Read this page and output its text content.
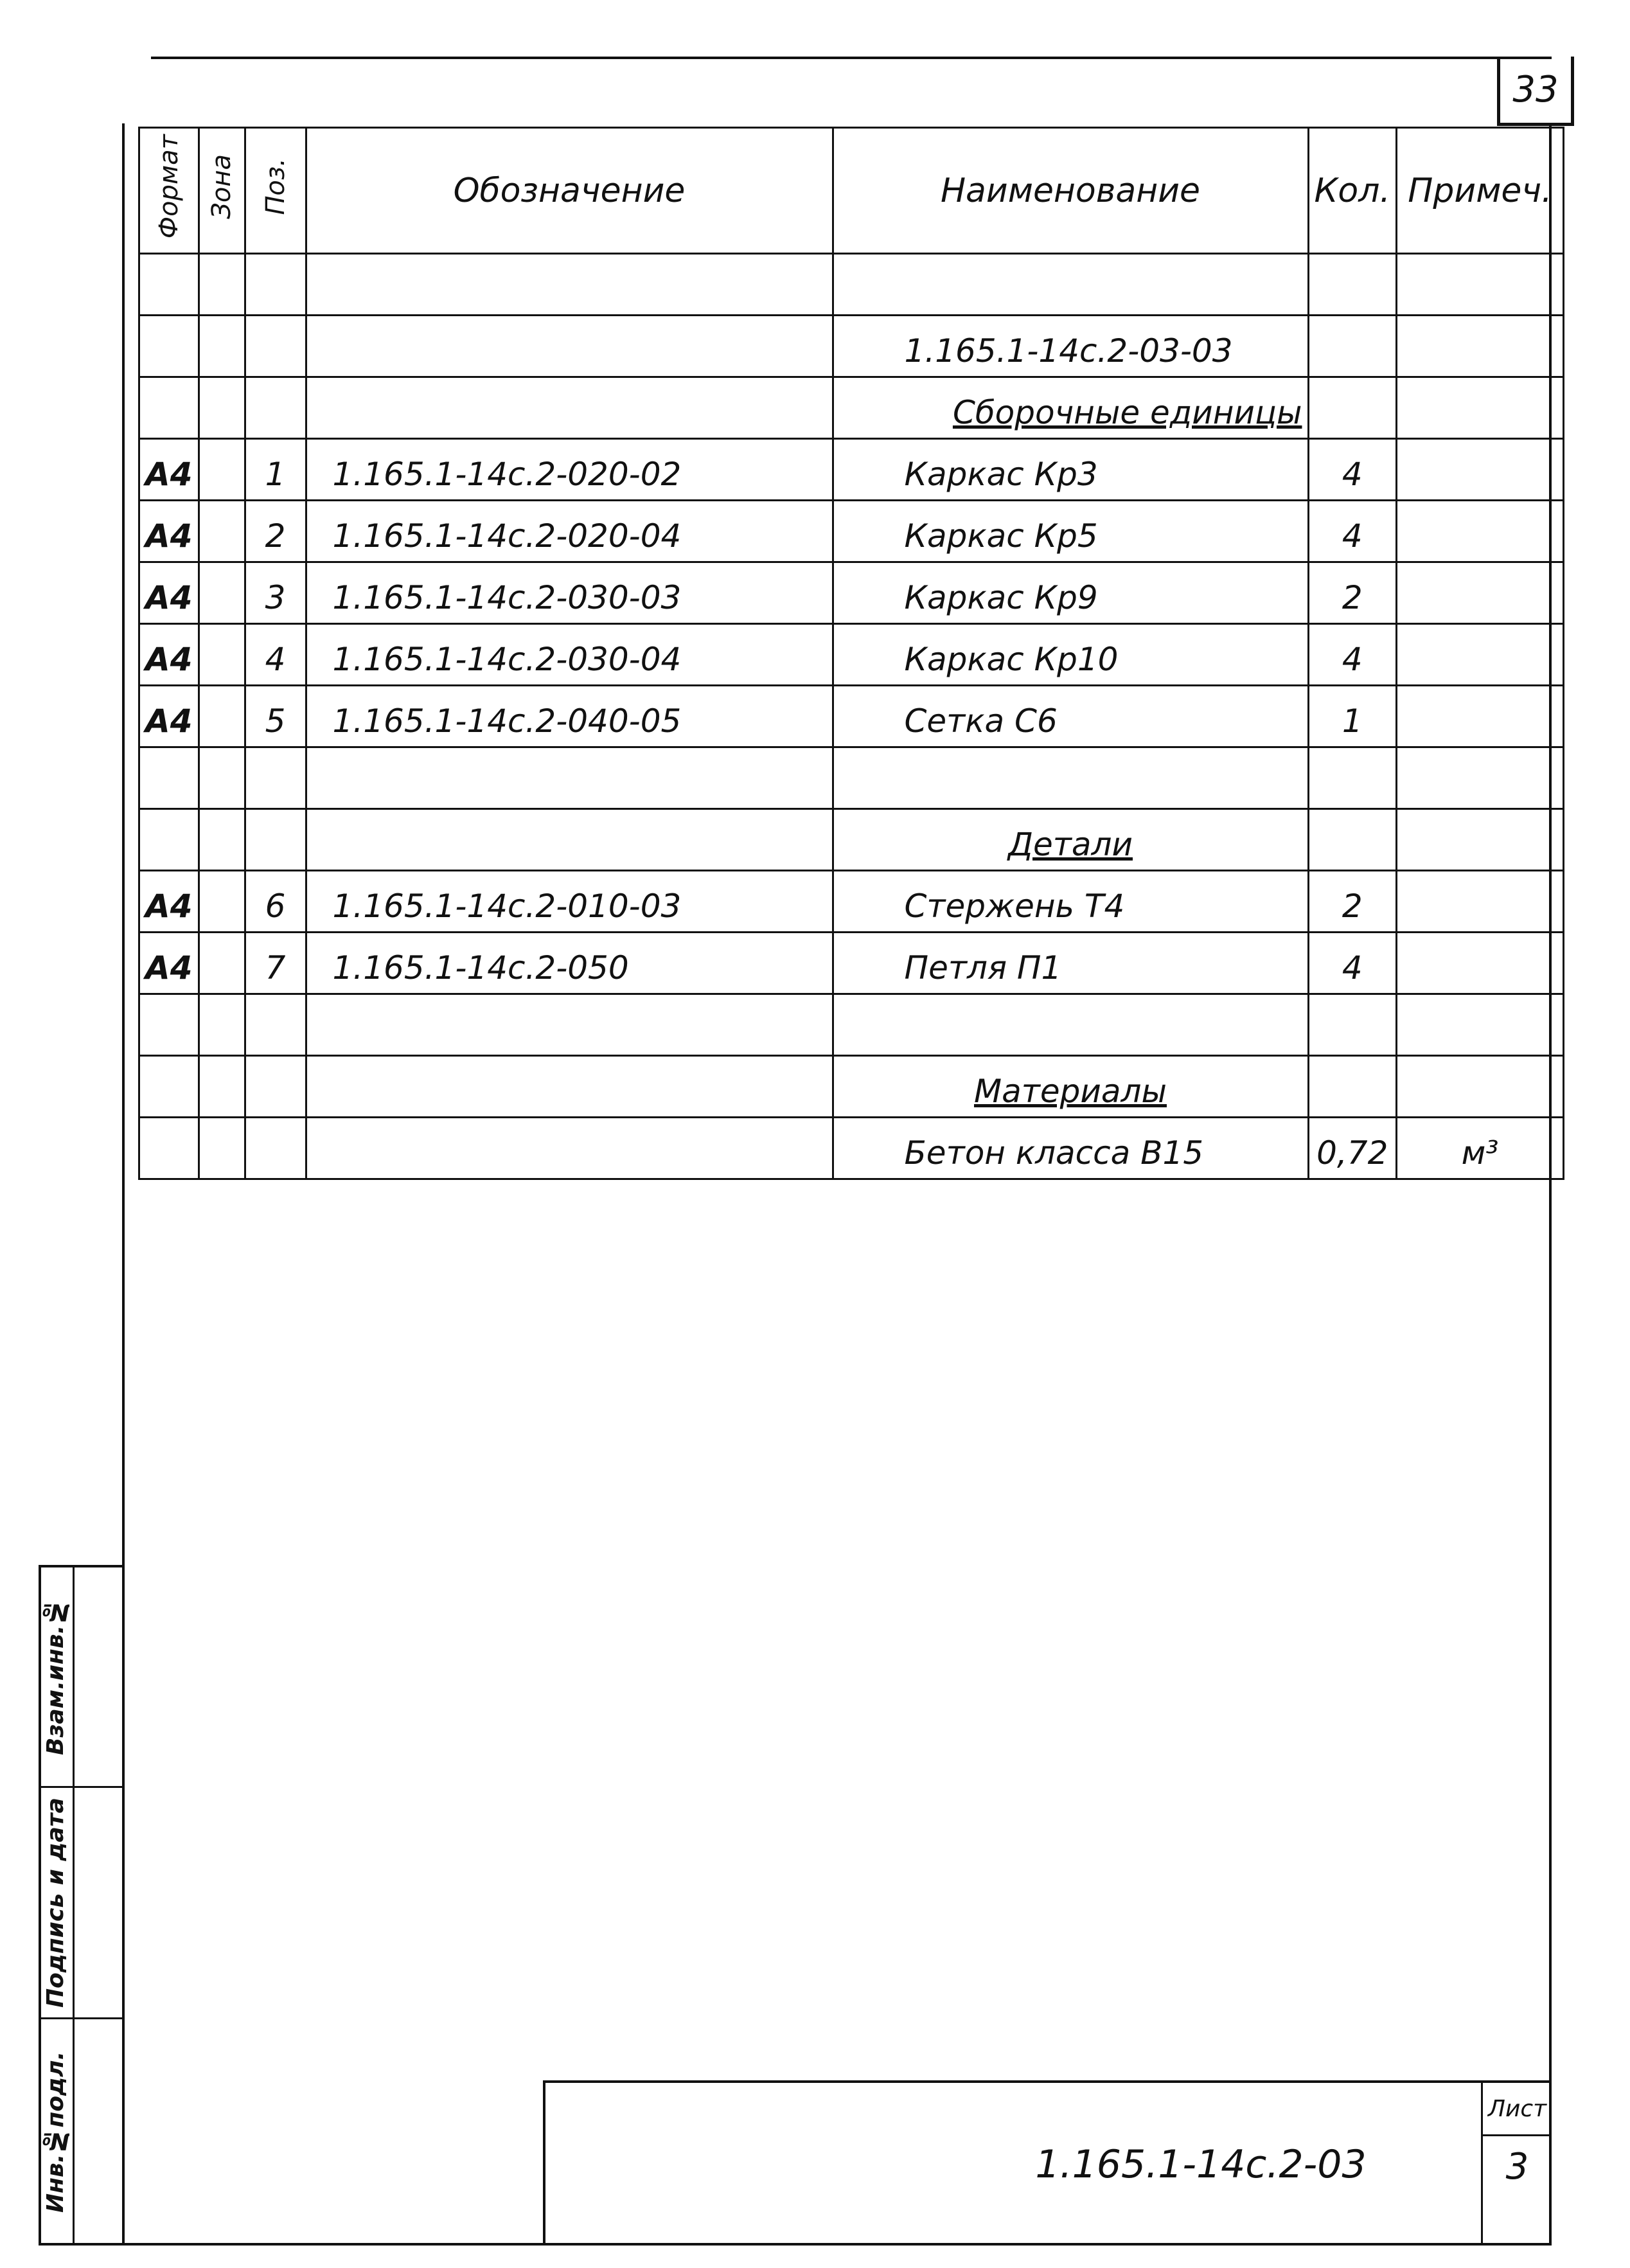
33
Формат	Зона	Поз.	Обозначение	Наименование	Кол.	Примеч.

				1.165.1-14с.2-03-03		
				Сборочные единицы		
А4		1	1.165.1-14с.2-020-02	Каркас Кр3	4	
А4		2	1.165.1-14с.2-020-04	Каркас Кр5	4	
А4		3	1.165.1-14с.2-030-03	Каркас Кр9	2	
А4		4	1.165.1-14с.2-030-04	Каркас Кр10	4	
А4		5	1.165.1-14с.2-040-05	Сетка С6	1	

				Детали		
А4		6	1.165.1-14с.2-010-03	Стержень Т4	2	
А4		7	1.165.1-14с.2-050	Петля П1	4	

				Материалы		
				Бетон класса В15	0,72	м³
Взам.инв.№
Подпись и дата
Инв.№подл.	1.165.1-14с.2-03
Лист
3
